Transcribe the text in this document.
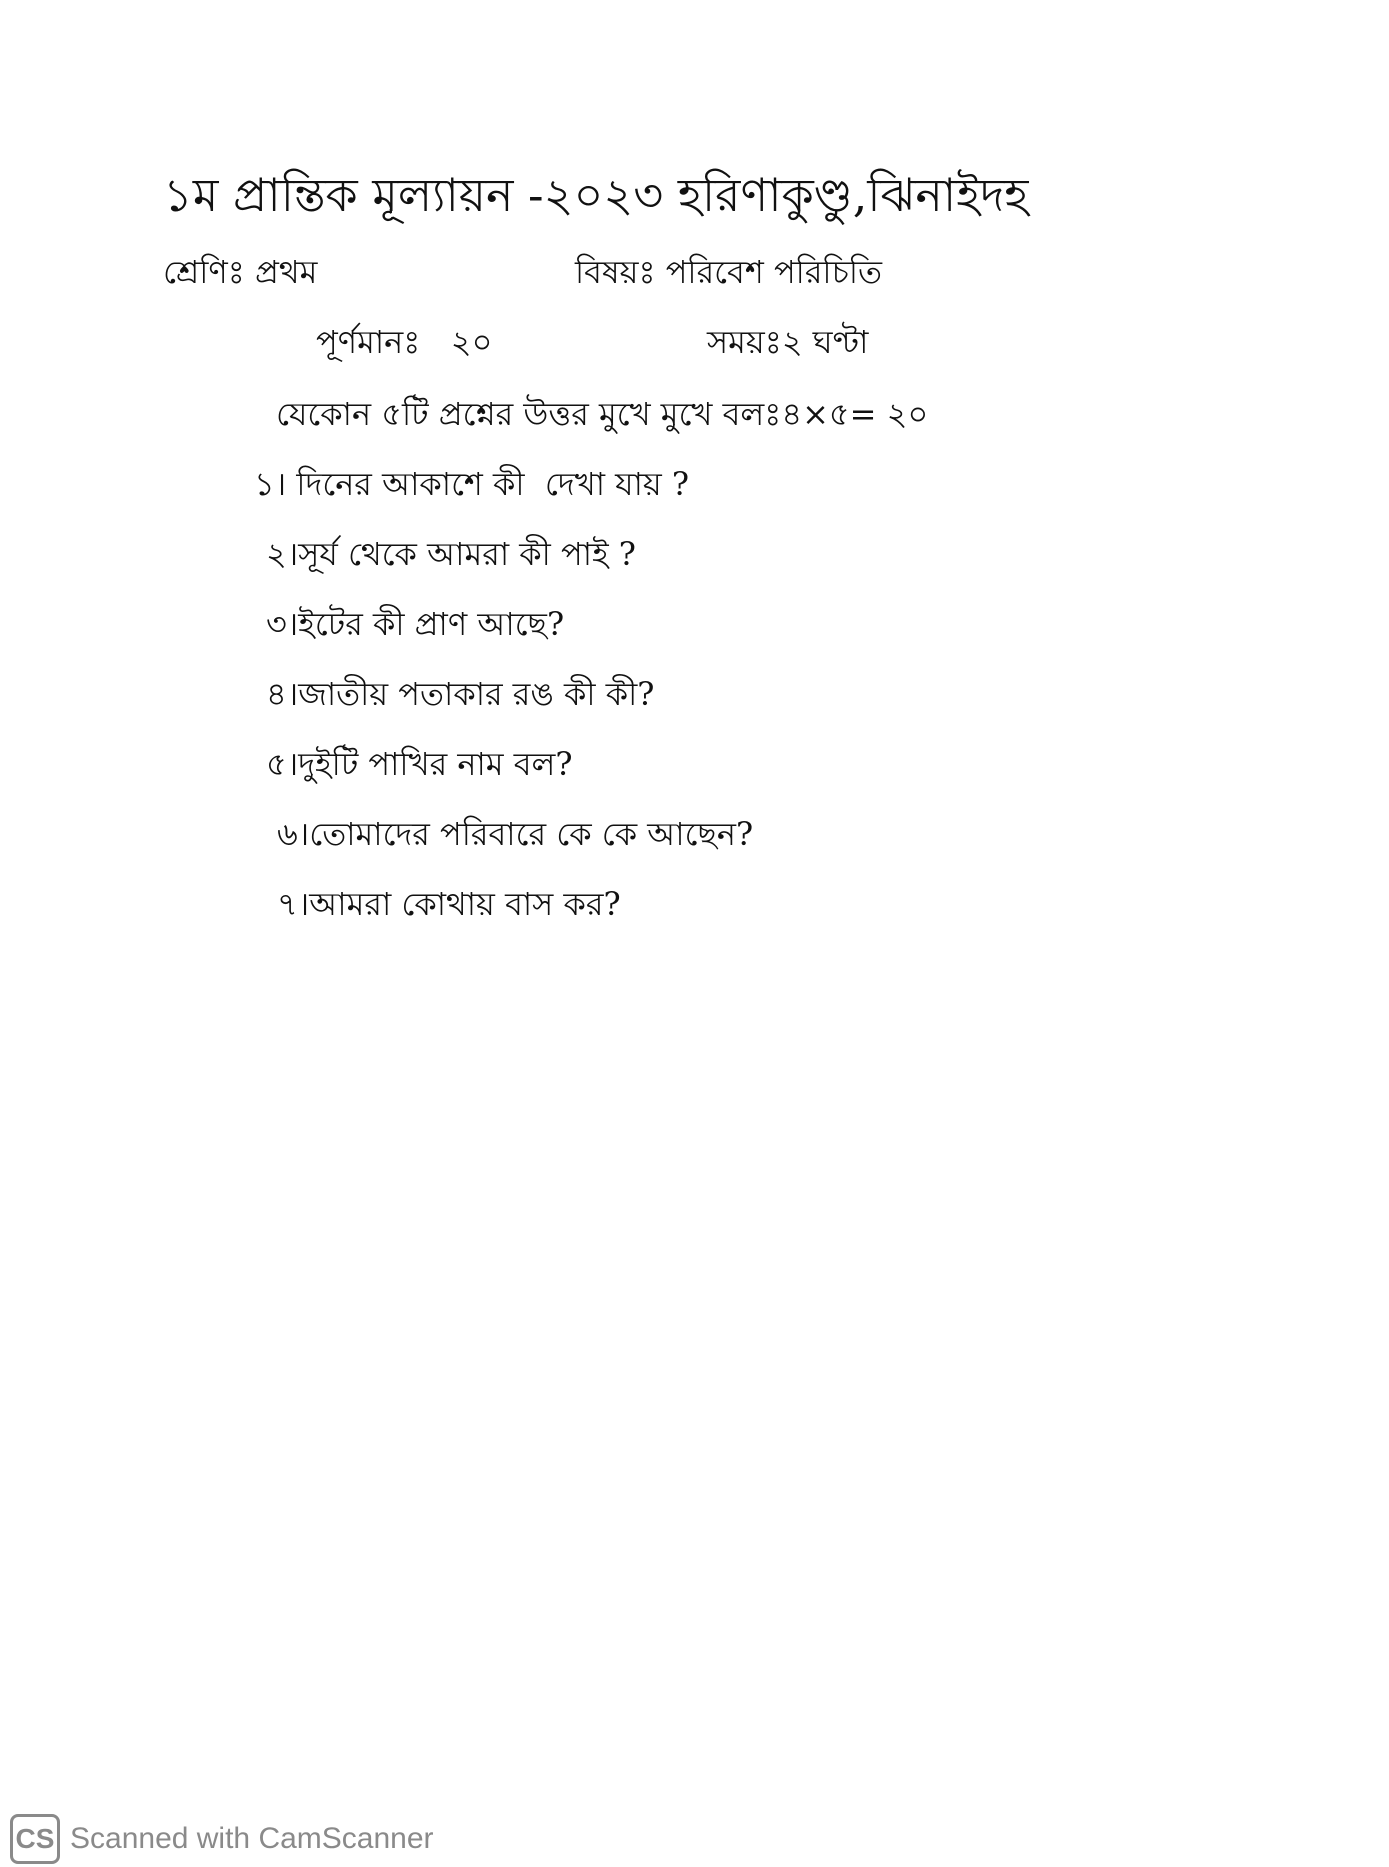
১ম প্রান্তিক মূল্যায়ন -২০২৩ হরিণাকুণ্ডু,ঝিনাইদহ
শ্রেণিঃ প্রথম	বিষয়ঃ পরিবেশ পরিচিতি
পূর্ণমানঃ   ২০	সময়ঃ২ ঘণ্টা
যেকোন ৫টি প্রশ্নের উত্তর মুখে মুখে বলঃ৪×৫= ২০
১। দিনের আকাশে কী  দেখা যায় ?
২।সূর্য থেকে আমরা কী পাই ?
৩।ইটের কী প্রাণ আছে?
৪।জাতীয় পতাকার রঙ কী কী?
৫।দুইটি পাখির নাম বল?
৬।তোমাদের পরিবারে কে কে আছেন?
৭।আমরা কোথায় বাস কর?
CS Scanned with CamScanner
